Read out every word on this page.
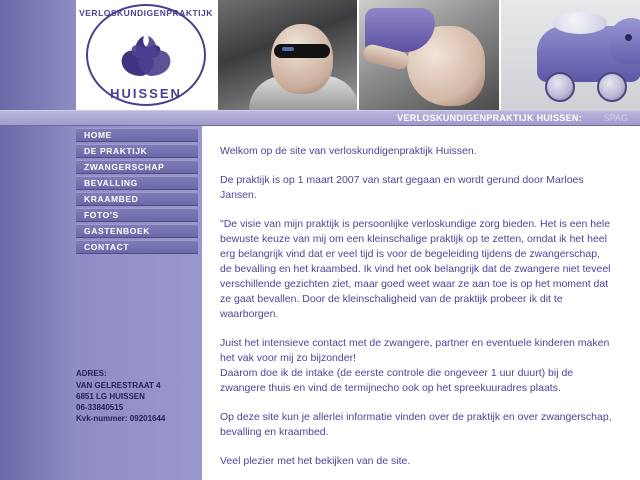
VERLOSKUNDIGENPRAKTIJK
HUISSEN
VERLOSKUNDIGENPRAKTIJK HUISSEN: SPAG
HOME
DE PRAKTIJK
ZWANGERSCHAP
BEVALLING
KRAAMBED
FOTO'S
GASTENBOEK
CONTACT
ADRES:
VAN GELRESTRAAT 4
6851 LG HUISSEN
06-33840515
Kvk-nummer: 09201644

Welkom op de site van verloskundigenpraktijk Huissen.

De praktijk is op 1 maart 2007 van start gegaan en wordt gerund door Marloes Jansen.

"De visie van mijn praktijk is persoonlijke verloskundige zorg bieden. Het is een hele bewuste keuze van mij om een kleinschalige praktijk op te zetten, omdat ik het heel erg belangrijk vind dat er veel tijd is voor de begeleiding tijdens de zwangerschap, de bevalling en het kraambed. Ik vind het ook belangrijk dat de zwangere niet teveel verschillende gezichten ziet, maar goed weet waar ze aan toe is op het moment dat ze gaat bevallen. Door de kleinschaligheid van de praktijk probeer ik dit te waarborgen.

Juist het intensieve contact met de zwangere, partner en eventuele kinderen maken het vak voor mij zo bijzonder!

Daarom doe ik de intake (de eerste controle die ongeveer 1 uur duurt) bij de zwangere thuis en vind de termijnecho ook op het spreekuuradres plaats.

Op deze site kun je allerlei informatie vinden over de praktijk en over zwangerschap, bevalling en kraambed.

Veel plezier met het bekijken van de site.
